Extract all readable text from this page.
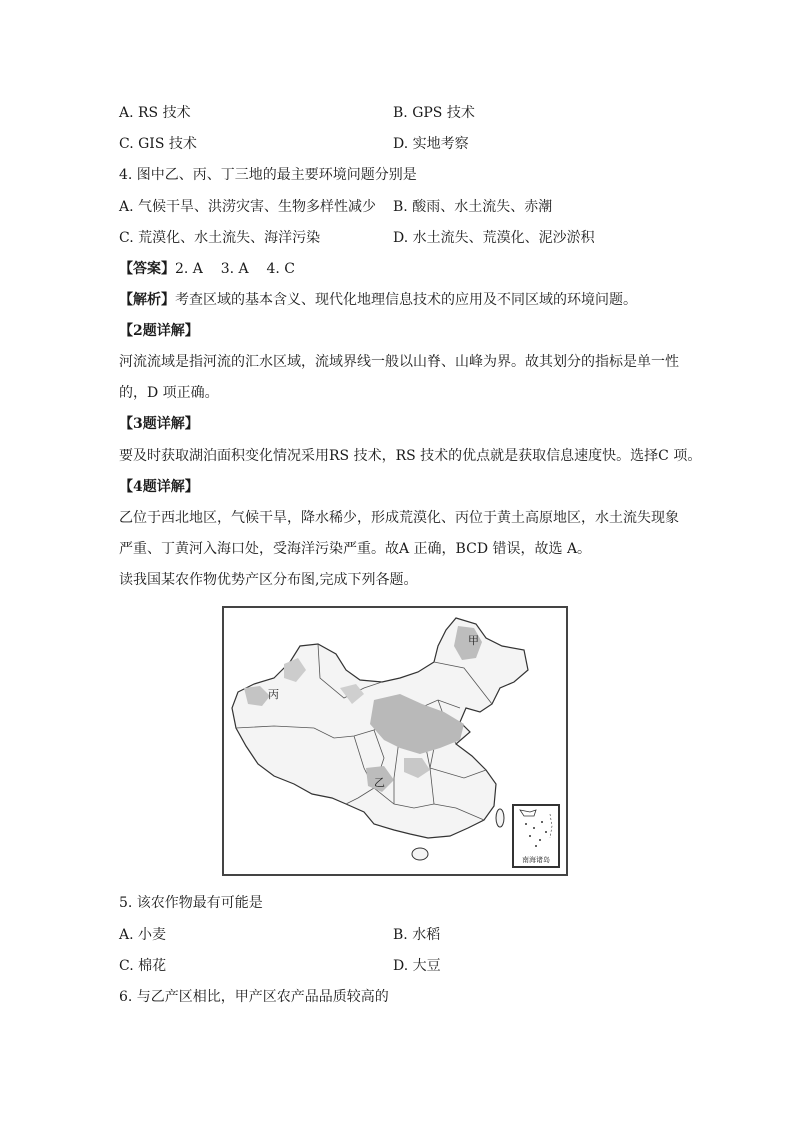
A. RS 技术	B. GPS 技术
C. GIS 技术	D. 实地考察
4. 图中乙、丙、丁三地的最主要环境问题分别是
A. 气候干旱、洪涝灾害、生物多样性减少 B. 酸雨、水土流失、赤潮
C. 荒漠化、水土流失、海洋污染	D. 水土流失、荒漠化、泥沙淤积
【答案】2. A    3. A    4. C
【解析】考查区域的基本含义、现代化地理信息技术的应用及不同区域的环境问题。
【2题详解】
河流流域是指河流的汇水区域，流域界线一般以山脊、山峰为界。故其划分的指标是单一性
的，D 项正确。
【3题详解】
要及时获取湖泊面积变化情况采用RS 技术，RS 技术的优点就是获取信息速度快。选择C 项。
【4题详解】
乙位于西北地区，气候干旱，降水稀少，形成荒漠化、丙位于黄土高原地区，水土流失现象
严重、丁黄河入海口处，受海洋污染严重。故A 正确，BCD 错误，故选 A。
读我国某农作物优势产区分布图,完成下列各题。
甲
丙
乙
南海诸岛
5. 该农作物最有可能是
A. 小麦	B. 水稻
C. 棉花	D. 大豆
6. 与乙产区相比，甲产区农产品品质较高的
